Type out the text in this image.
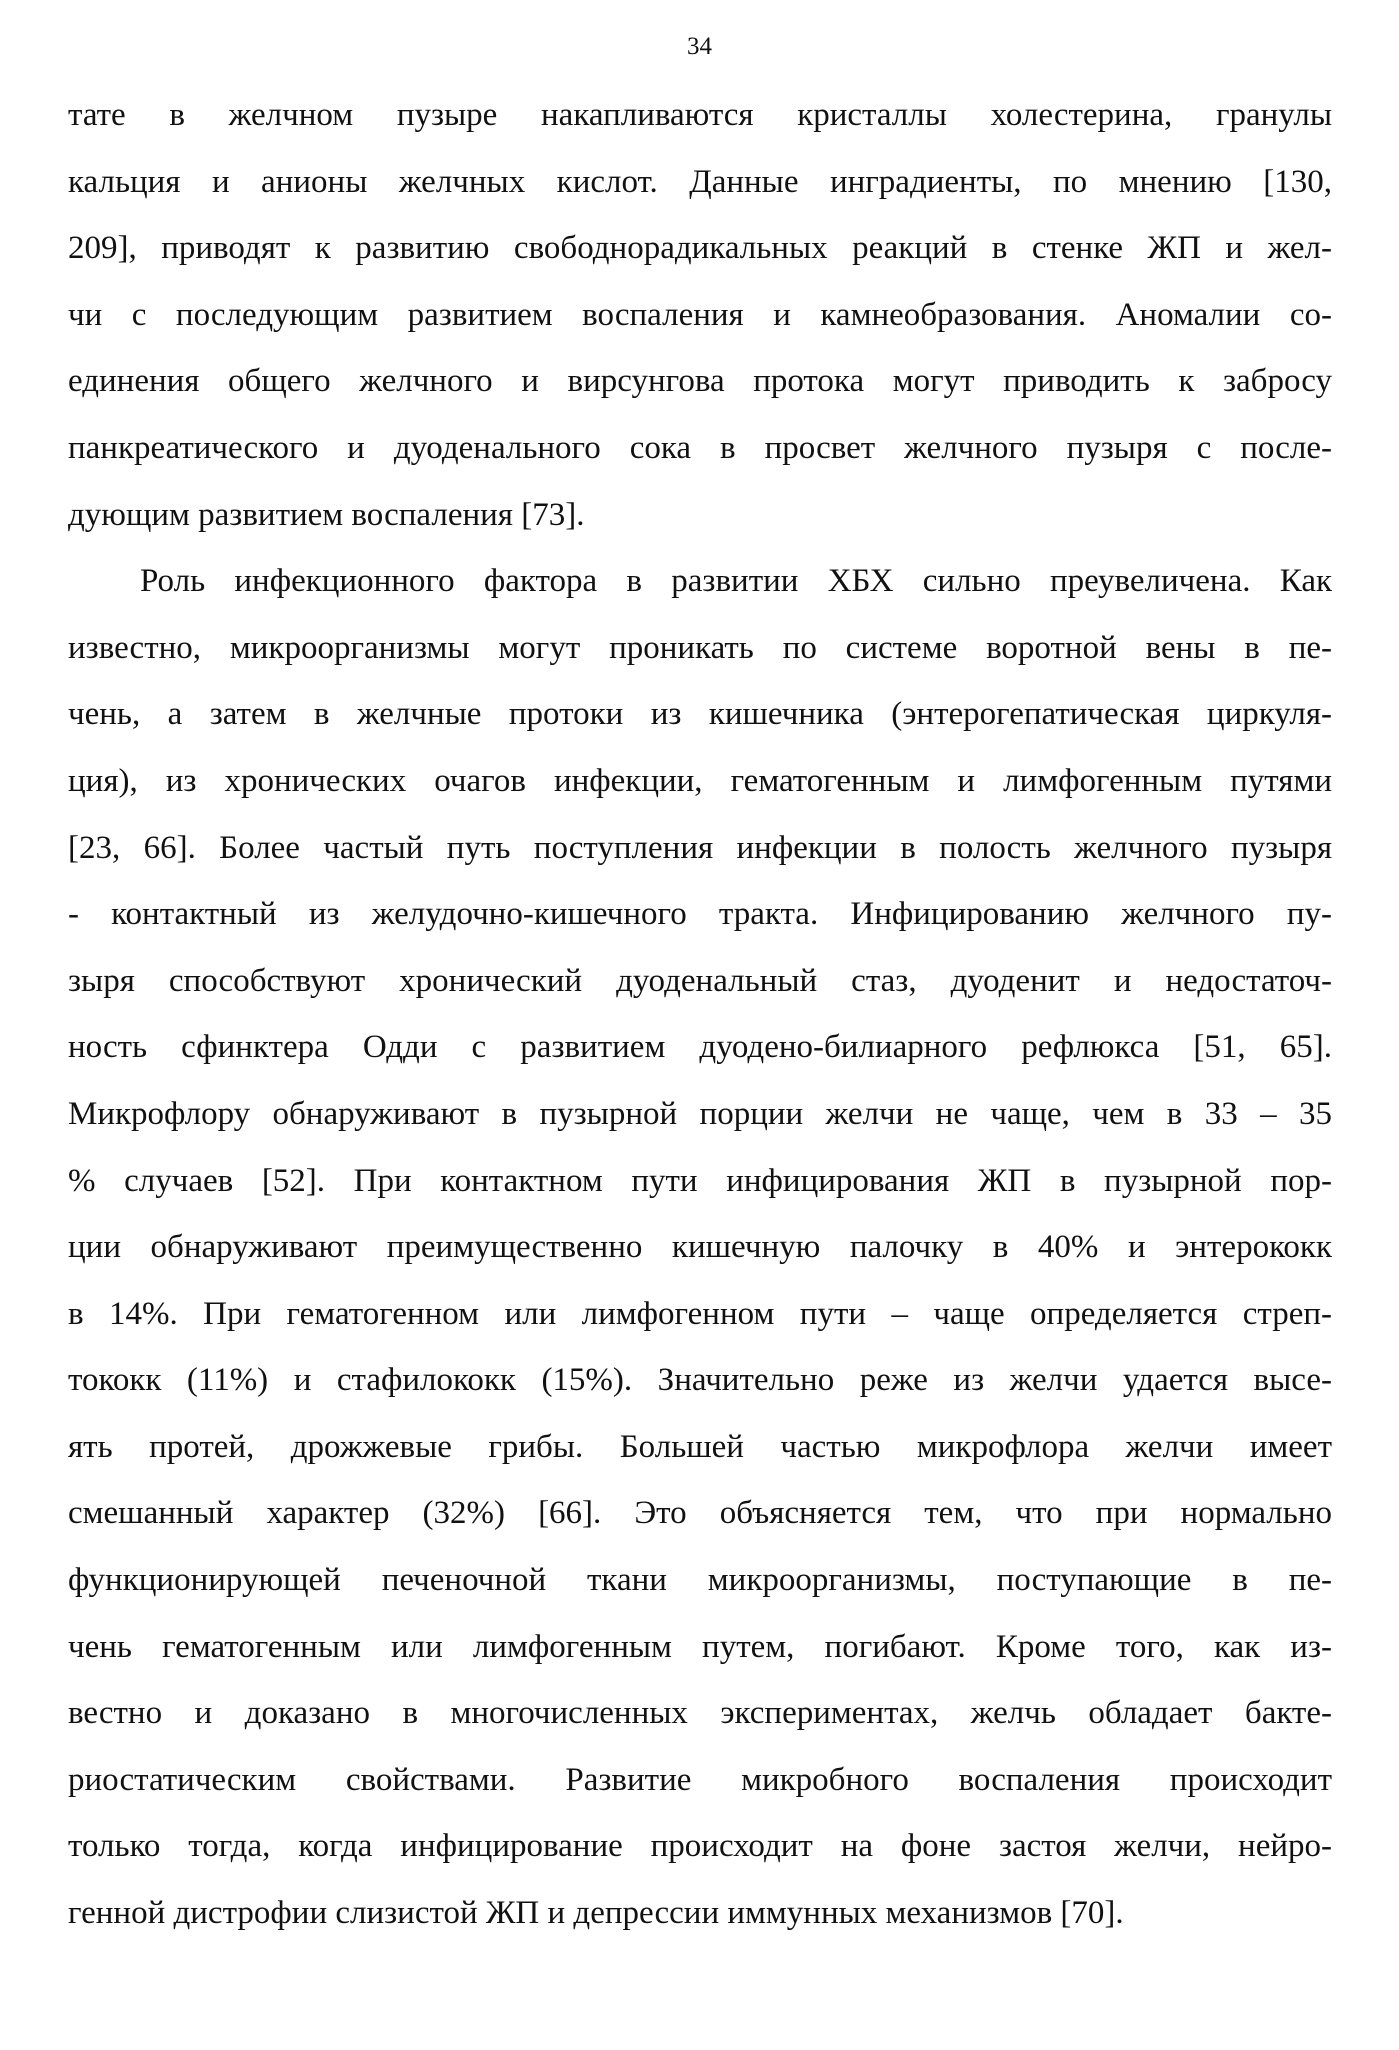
34
тате в желчном пузыре накапливаются кристаллы холестерина, гранулы
кальция и анионы желчных кислот. Данные инградиенты, по мнению [130,
209], приводят к развитию свободнорадикальных реакций в стенке ЖП и жел-
чи с последующим развитием воспаления и камнеобразования. Аномалии со-
единения общего желчного и вирсунгова протока могут приводить к забросу
панкреатического и дуоденального сока в просвет желчного пузыря с после-
дующим развитием воспаления [73].
Роль инфекционного фактора в развитии ХБХ сильно преувеличена. Как
известно, микроорганизмы могут проникать по системе воротной вены в пе-
чень, а затем в желчные протоки из кишечника (энтерогепатическая циркуля-
ция), из хронических очагов инфекции, гематогенным и лимфогенным путями
[23, 66]. Более частый путь поступления инфекции в полость желчного пузыря
- контактный из желудочно-кишечного тракта. Инфицированию желчного пу-
зыря способствуют хронический дуоденальный стаз, дуоденит и недостаточ-
ность сфинктера Одди с развитием дуодено-билиарного рефлюкса [51, 65].
Микрофлору обнаруживают в пузырной порции желчи не чаще, чем в 33 – 35
% случаев [52]. При контактном пути инфицирования ЖП в пузырной пор-
ции обнаруживают преимущественно кишечную палочку в 40% и энтерококк
в 14%. При гематогенном или лимфогенном пути – чаще определяется стреп-
тококк (11%) и стафилококк (15%). Значительно реже из желчи удается высе-
ять протей, дрожжевые грибы. Большей частью микрофлора желчи имеет
смешанный характер (32%) [66]. Это объясняется тем, что при нормально
функционирующей печеночной ткани микроорганизмы, поступающие в пе-
чень гематогенным или лимфогенным путем, погибают. Кроме того, как из-
вестно и доказано в многочисленных экспериментах, желчь обладает бакте-
риостатическим свойствами. Развитие микробного воспаления происходит
только тогда, когда инфицирование происходит на фоне застоя желчи, нейро-
генной дистрофии слизистой ЖП и депрессии иммунных механизмов [70].
